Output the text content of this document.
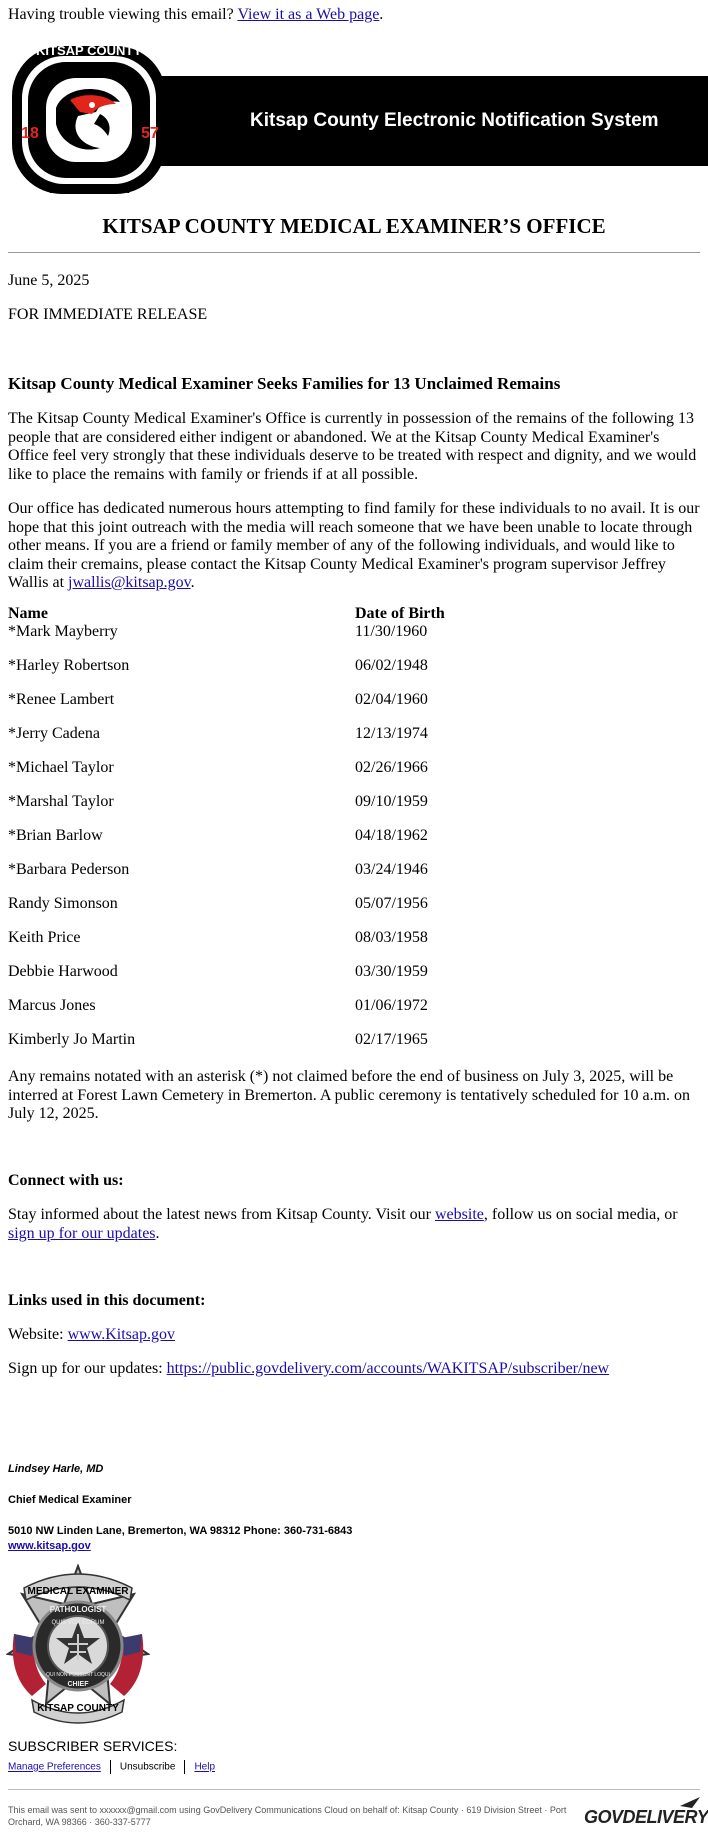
Having trouble viewing this email? View it as a Web page.
Kitsap County Electronic Notification System
KITSAP COUNTY
WASHINGTON
18	57
KITSAP COUNTY MEDICAL EXAMINER’S OFFICE
June 5, 2025
FOR IMMEDIATE RELEASE
Kitsap County Medical Examiner Seeks Families for 13 Unclaimed Remains
The Kitsap County Medical Examiner's Office is currently in possession of the remains of the following 13 people that are considered either indigent or abandoned. We at the Kitsap County Medical Examiner's Office feel very strongly that these individuals deserve to be treated with respect and dignity, and we would like to place the remains with family or friends if at all possible.
Our office has dedicated numerous hours attempting to find family for these individuals to no avail. It is our hope that this joint outreach with the media will reach someone that we have been unable to locate through other means. If you are a friend or family member of any of the following individuals, and would like to claim their cremains, please contact the Kitsap County Medical Examiner's program supervisor Jeffrey Wallis at jwallis@kitsap.gov.
Name	Date of Birth
*Mark Mayberry	11/30/1960
*Harley Robertson	06/02/1948
*Renee Lambert	02/04/1960
*Jerry Cadena	12/13/1974
*Michael Taylor	02/26/1966
*Marshal Taylor	09/10/1959
*Brian Barlow	04/18/1962
*Barbara Pederson	03/24/1946
Randy Simonson	05/07/1956
Keith Price	08/03/1958
Debbie Harwood	03/30/1959
Marcus Jones	01/06/1972
Kimberly Jo Martin	02/17/1965
Any remains notated with an asterisk (*) not claimed before the end of business on July 3, 2025, will be interred at Forest Lawn Cemetery in Bremerton. A public ceremony is tentatively scheduled for 10 a.m. on July 12, 2025.
Connect with us:
Stay informed about the latest news from Kitsap County. Visit our website, follow us on social media, or sign up for our updates.
Links used in this document:
Website: www.Kitsap.gov
Sign up for our updates: https://public.govdelivery.com/accounts/WAKITSAP/subscriber/new
Lindsey Harle, MD
Chief Medical Examiner
5010 NW Linden Lane, Bremerton, WA 98312 Phone: 360-731-6843
www.kitsap.gov
MEDICAL EXAMINER
PATHOLOGIST
QUIS VOX EORUM
QUI NON POSSUNT LOQUI
CHIEF
KITSAP COUNTY
SUBSCRIBER SERVICES:
Manage Preferences Unsubscribe Help
This email was sent to xxxxxx@gmail.com using GovDelivery Communications Cloud on behalf of: Kitsap County · 619 Division Street · Port Orchard, WA 98366 · 360-337-5777	GOVDELIVERY
